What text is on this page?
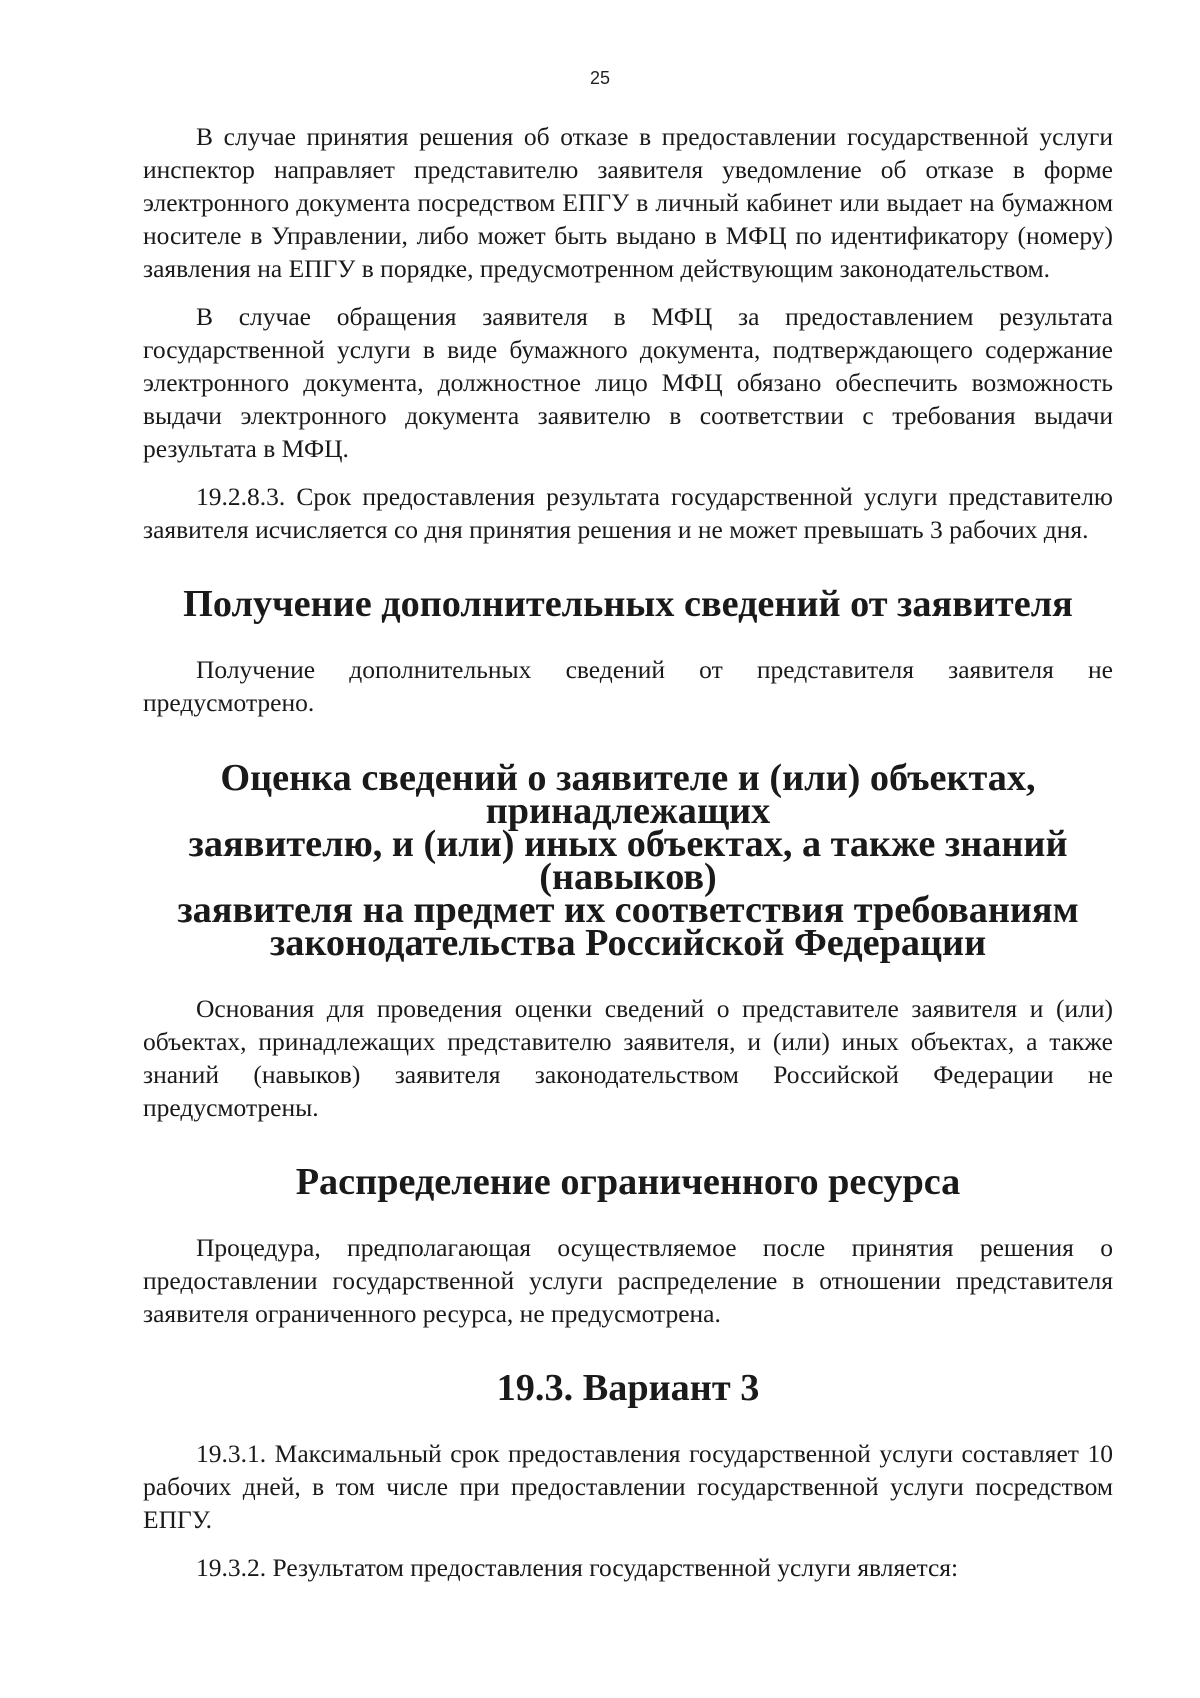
25

В случае принятия решения об отказе в предоставлении государственной услуги инспектор направляет представителю заявителя уведомление об отказе в форме электронного документа посредством ЕПГУ в личный кабинет или выдает на бумажном носителе в Управлении, либо может быть выдано в МФЦ по идентификатору (номеру) заявления на ЕПГУ в порядке, предусмотренном действующим законодательством.

В случае обращения заявителя в МФЦ за предоставлением результата государственной услуги в виде бумажного документа, подтверждающего содержание электронного документа, должностное лицо МФЦ обязано обеспечить возможность выдачи электронного документа заявителю в соответствии с требования выдачи результата в МФЦ.

19.2.8.3. Срок предоставления результата государственной услуги представителю заявителя исчисляется со дня принятия решения и не может превышать 3 рабочих дня.

Получение дополнительных сведений от заявителя

Получение дополнительных сведений от представителя заявителя не предусмотрено.

Оценка сведений о заявителе и (или) объектах, принадлежащих
заявителю, и (или) иных объектах, а также знаний (навыков)
заявителя на предмет их соответствия требованиям
законодательства Российской Федерации

Основания для проведения оценки сведений о представителе заявителя и (или) объектах, принадлежащих представителю заявителя, и (или) иных объектах, а также знаний (навыков) заявителя законодательством Российской Федерации не предусмотрены.

Распределение ограниченного ресурса

Процедура, предполагающая осуществляемое после принятия решения о предоставлении государственной услуги распределение в отношении представителя заявителя ограниченного ресурса, не предусмотрена.

19.3. Вариант 3

19.3.1. Максимальный срок предоставления государственной услуги составляет 10 рабочих дней, в том числе при предоставлении государственной услуги посредством ЕПГУ.

19.3.2. Результатом предоставления государственной услуги является:
